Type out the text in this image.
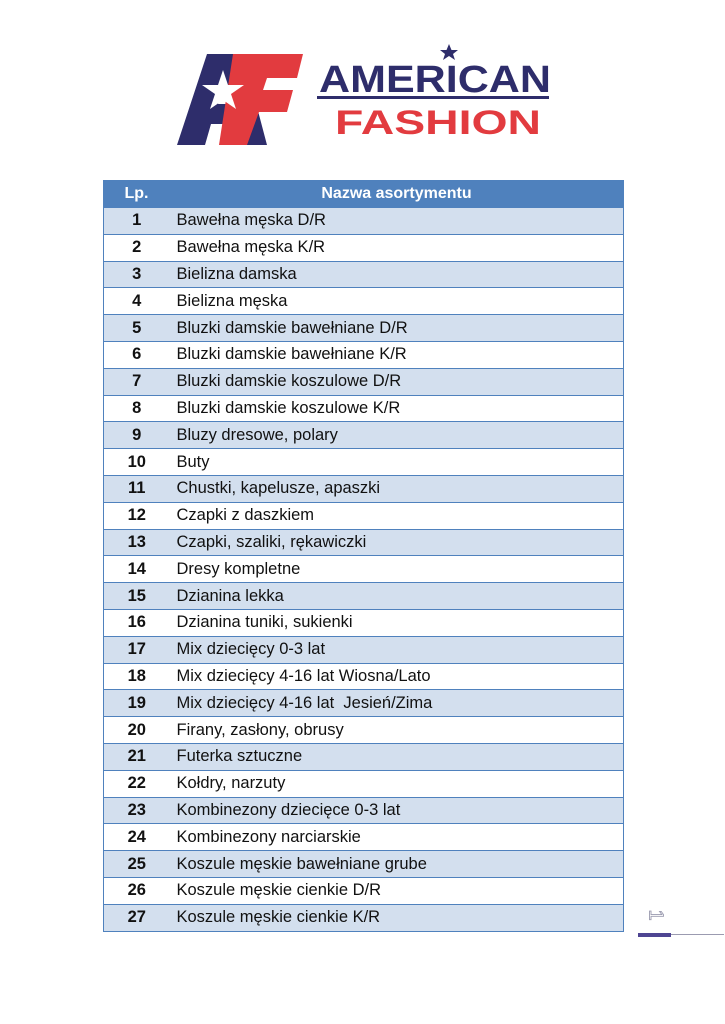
AMERICAN
FASHION
Lp.	Nazwa asortymentu
1	Bawełna męska D/R
2	Bawełna męska K/R
3	Bielizna damska
4	Bielizna męska
5	Bluzki damskie bawełniane D/R
6	Bluzki damskie bawełniane K/R
7	Bluzki damskie koszulowe D/R
8	Bluzki damskie koszulowe K/R
9	Bluzy dresowe, polary
10	Buty
11	Chustki, kapelusze, apaszki
12	Czapki z daszkiem
13	Czapki, szaliki, rękawiczki
14	Dresy kompletne
15	Dzianina lekka
16	Dzianina tuniki, sukienki
17	Mix dziecięcy 0-3 lat
18	Mix dziecięcy 4-16 lat Wiosna/Lato
19	Mix dziecięcy 4-16 lat  Jesień/Zima
20	Firany, zasłony, obrusy
21	Futerka sztuczne
22	Kołdry, narzuty
23	Kombinezony dziecięce 0-3 lat
24	Kombinezony narciarskie
25	Koszule męskie bawełniane grube
26	Koszule męskie cienkie D/R
27	Koszule męskie cienkie K/R	1
